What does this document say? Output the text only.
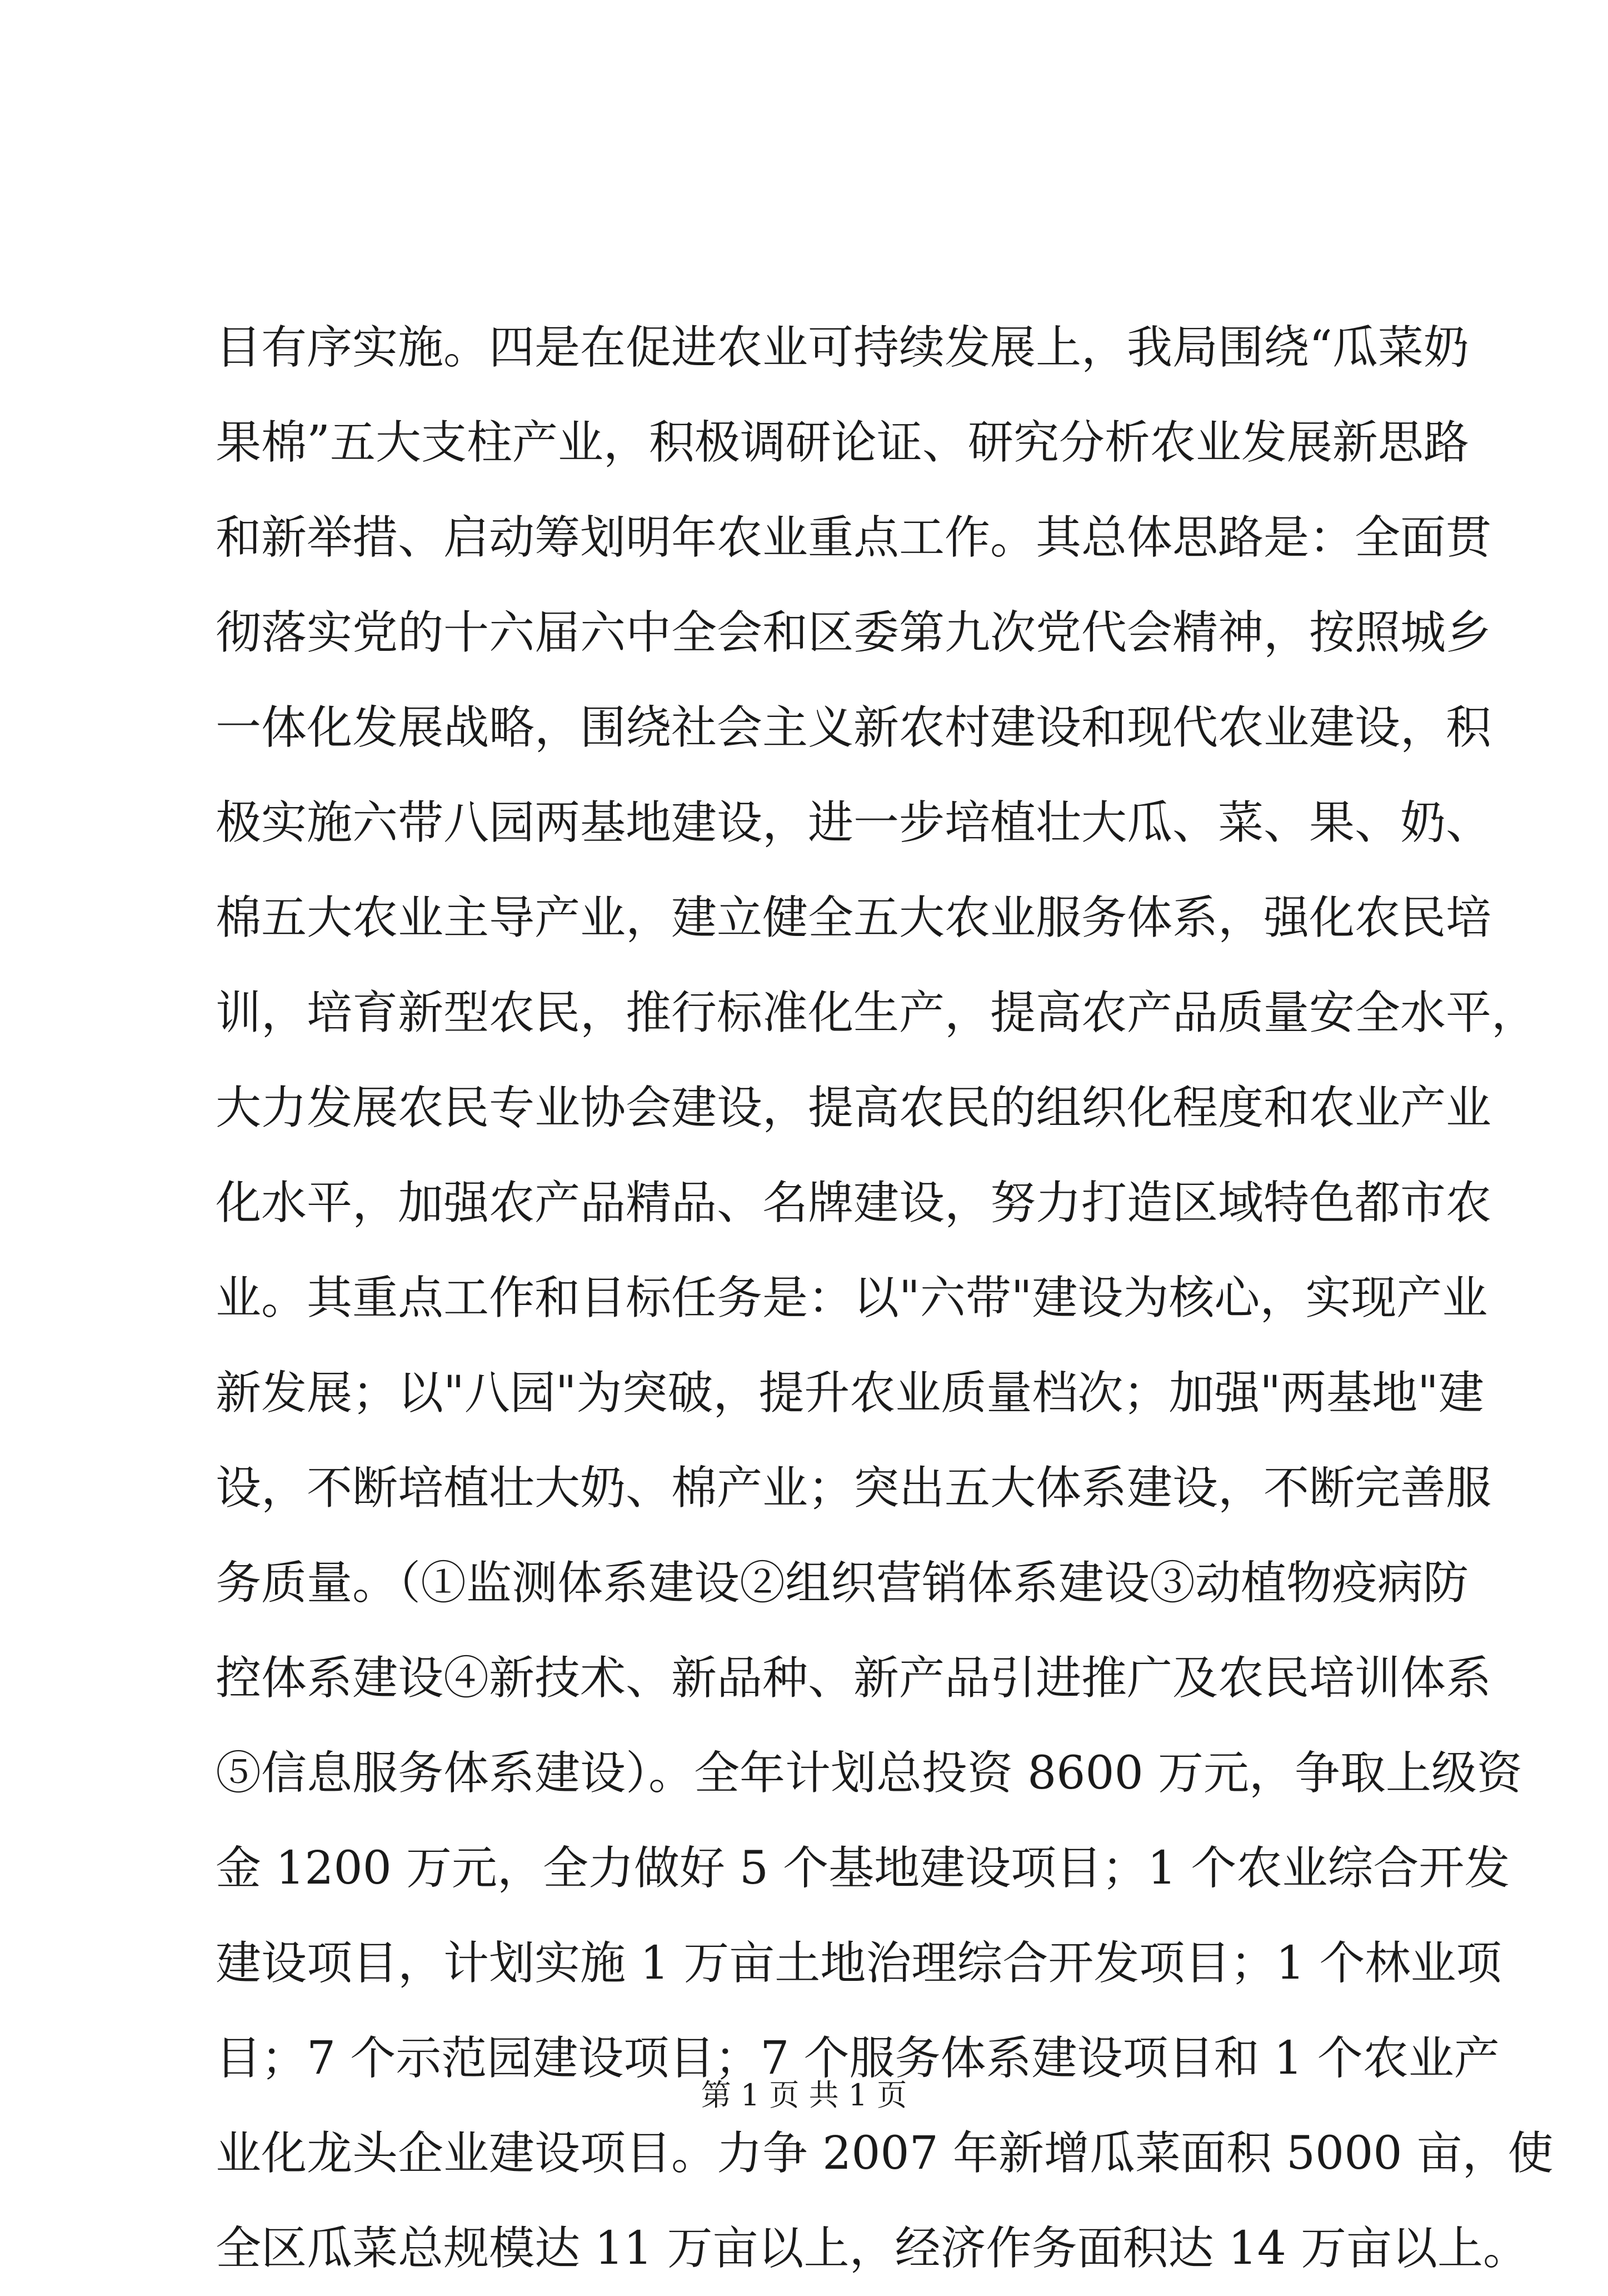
目有序实施。四是在促进农业可持续发展上，我局围绕“瓜菜奶
果棉”五大支柱产业，积极调研论证、研究分析农业发展新思路
和新举措、启动筹划明年农业重点工作。其总体思路是：全面贯
彻落实党的十六届六中全会和区委第九次党代会精神，按照城乡
一体化发展战略，围绕社会主义新农村建设和现代农业建设，积
极实施六带八园两基地建设，进一步培植壮大瓜、菜、果、奶、
棉五大农业主导产业，建立健全五大农业服务体系，强化农民培
训，培育新型农民，推行标准化生产，提高农产品质量安全水平，
大力发展农民专业协会建设，提高农民的组织化程度和农业产业
化水平，加强农产品精品、名牌建设，努力打造区域特色都市农
业。其重点工作和目标任务是：以"六带"建设为核心，实现产业
新发展；以"八园"为突破，提升农业质量档次；加强"两基地"建
设，不断培植壮大奶、棉产业；突出五大体系建设，不断完善服
务质量。（①监测体系建设②组织营销体系建设③动植物疫病防
控体系建设④新技术、新品种、新产品引进推广及农民培训体系
⑤信息服务体系建设）。全年计划总投资 8600 万元，争取上级资
金 1200 万元，全力做好 5 个基地建设项目；1 个农业综合开发
建设项目，计划实施 1 万亩土地治理综合开发项目；1 个林业项
目；7 个示范园建设项目；7 个服务体系建设项目和 1 个农业产
业化龙头企业建设项目。力争 2007 年新增瓜菜面积 5000 亩，使
全区瓜菜总规模达 11 万亩以上，经济作务面积达 14 万亩以上。
第 1 页 共 1 页
